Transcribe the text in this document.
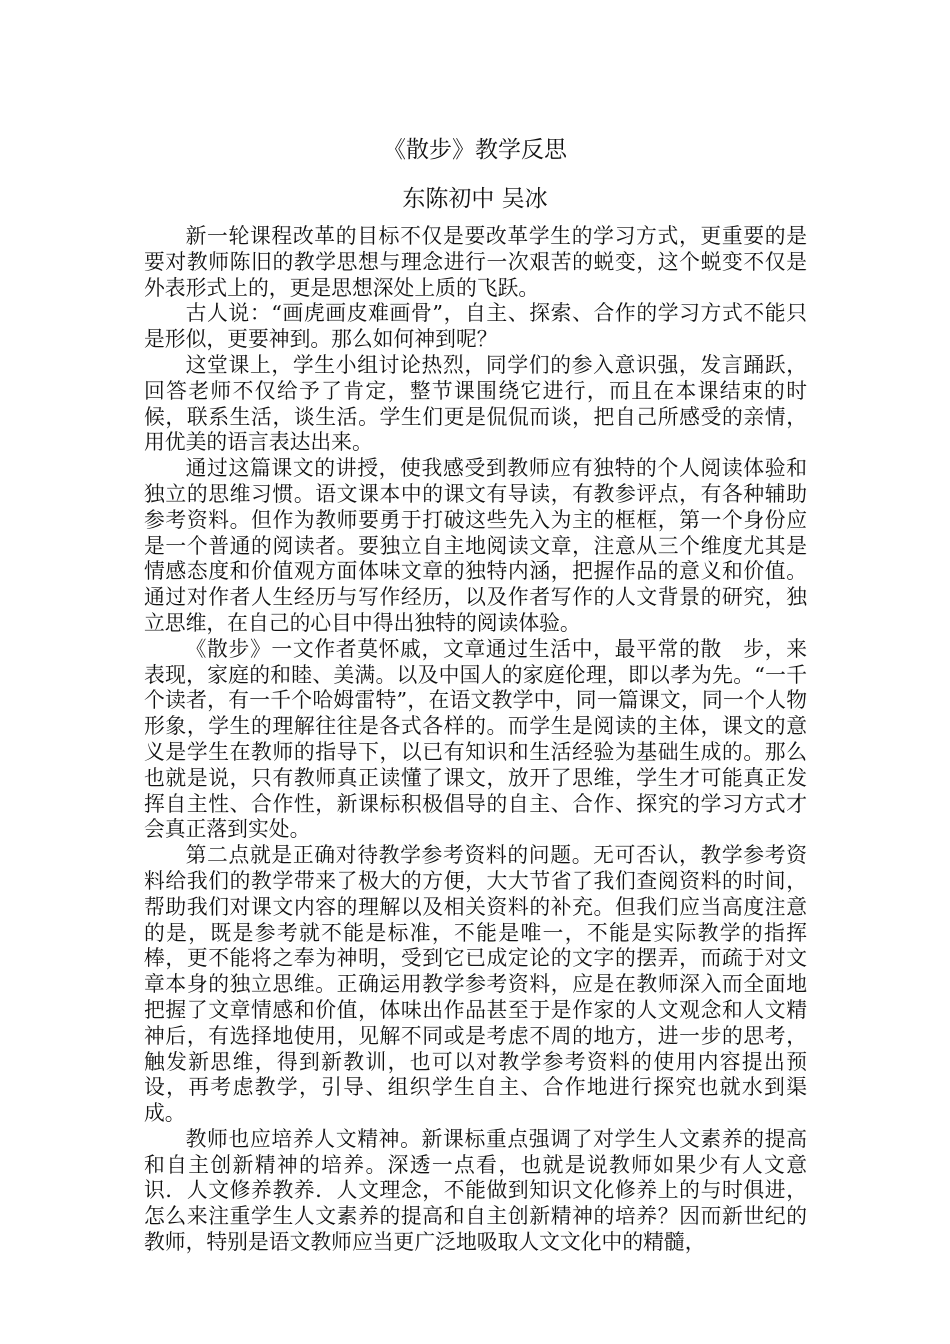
《散步》教学反思
东陈初中 吴冰

新一轮课程改革的目标不仅是要改革学生的学习方式，更重要的是要对教师陈旧的教学思想与理念进行一次艰苦的蜕变，这个蜕变不仅是外表形式上的，更是思想深处上质的飞跃。

古人说：“画虎画皮难画骨”，自主、探索、合作的学习方式不能只是形似，更要神到。那么如何神到呢？

这堂课上，学生小组讨论热烈，同学们的参入意识强，发言踊跃，回答老师不仅给予了肯定，整节课围绕它进行，而且在本课结束的时候，联系生活，谈生活。学生们更是侃侃而谈，把自己所感受的亲情，用优美的语言表达出来。

通过这篇课文的讲授，使我感受到教师应有独特的个人阅读体验和独立的思维习惯。语文课本中的课文有导读，有教参评点，有各种辅助参考资料。但作为教师要勇于打破这些先入为主的框框，第一个身份应是一个普通的阅读者。要独立自主地阅读文章，注意从三个维度尤其是情感态度和价值观方面体味文章的独特内涵，把握作品的意义和价值。通过对作者人生经历与写作经历，以及作者写作的人文背景的研究，独立思维，在自己的心目中得出独特的阅读体验。

《散步》一文作者莫怀戚，文章通过生活中，最平常的散　步，来表现，家庭的和睦、美满。以及中国人的家庭伦理，即以孝为先。“一千个读者，有一千个哈姆雷特”，在语文教学中，同一篇课文，同一个人物形象，学生的理解往往是各式各样的。而学生是阅读的主体，课文的意义是学生在教师的指导下，以已有知识和生活经验为基础生成的。那么也就是说，只有教师真正读懂了课文，放开了思维，学生才可能真正发挥自主性、合作性，新课标积极倡导的自主、合作、探究的学习方式才会真正落到实处。

第二点就是正确对待教学参考资料的问题。无可否认，教学参考资料给我们的教学带来了极大的方便，大大节省了我们查阅资料的时间，帮助我们对课文内容的理解以及相关资料的补充。但我们应当高度注意的是，既是参考就不能是标准，不能是唯一，不能是实际教学的指挥棒，更不能将之奉为神明，受到它已成定论的文字的摆弄，而疏于对文章本身的独立思维。正确运用教学参考资料，应是在教师深入而全面地把握了文章情感和价值，体味出作品甚至于是作家的人文观念和人文精神后，有选择地使用，见解不同或是考虑不周的地方，进一步的思考，触发新思维，得到新教训，也可以对教学参考资料的使用内容提出预设，再考虑教学，引导、组织学生自主、合作地进行探究也就水到渠成。

教师也应培养人文精神。新课标重点强调了对学生人文素养的提高和自主创新精神的培养。深透一点看，也就是说教师如果少有人文意识．人文修养教养．人文理念，不能做到知识文化修养上的与时俱进，怎么来注重学生人文素养的提高和自主创新精神的培养？因而新世纪的教师，特别是语文教师应当更广泛地吸取人文文化中的精髓，
